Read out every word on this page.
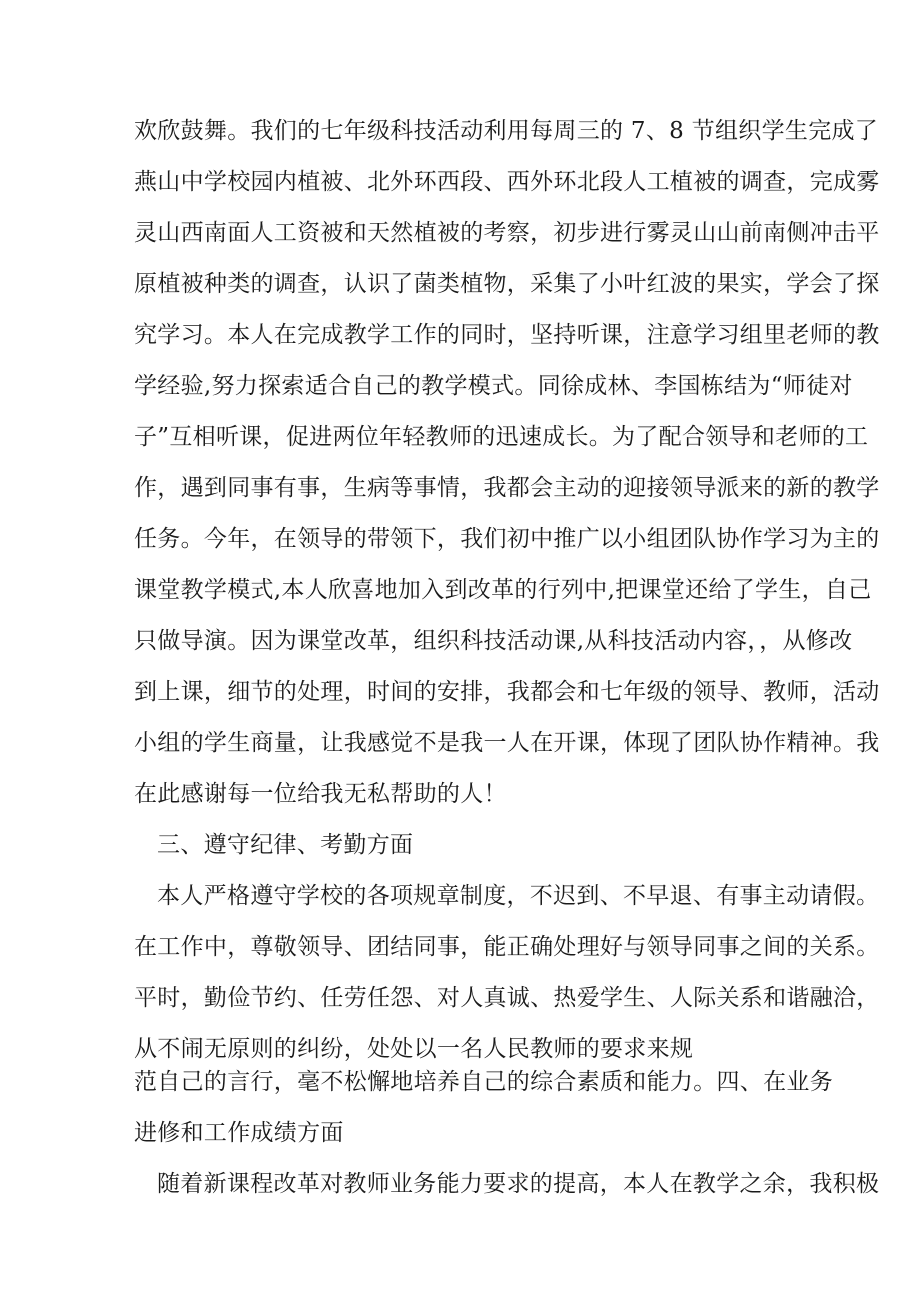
欢欣鼓舞。我们的七年级科技活动利用每周三的 7、8 节组织学生完成了
燕山中学校园内植被、北外环西段、西外环北段人工植被的调查，完成雾
灵山西南面人工资被和天然植被的考察，初步进行雾灵山山前南侧冲击平
原植被种类的调查，认识了菌类植物，采集了小叶红波的果实，学会了探
究学习。本人在完成教学工作的同时，坚持听课，注意学习组里老师的教
学经验,努力探索适合自己的教学模式。同徐成林、李国栋结为“师徒对
子”互相听课，促进两位年轻教师的迅速成长。为了配合领导和老师的工
作，遇到同事有事，生病等事情，我都会主动的迎接领导派来的新的教学
任务。今年，在领导的带领下，我们初中推广以小组团队协作学习为主的
课堂教学模式,本人欣喜地加入到改革的行列中,把课堂还给了学生，自己
只做导演。因为课堂改革，组织科技活动课,从科技活动内容，，从修改
到上课，细节的处理，时间的安排，我都会和七年级的领导、教师，活动
小组的学生商量，让我感觉不是我一人在开课，体现了团队协作精神。我
在此感谢每一位给我无私帮助的人！
三、遵守纪律、考勤方面
本人严格遵守学校的各项规章制度，不迟到、不早退、有事主动请假。
在工作中，尊敬领导、团结同事，能正确处理好与领导同事之间的关系。
平时，勤俭节约、任劳任怨、对人真诚、热爱学生、人际关系和谐融洽，
从不闹无原则的纠纷，处处以一名人民教师的要求来规
范自己的言行，毫不松懈地培养自己的综合素质和能力。四、在业务
进修和工作成绩方面
随着新课程改革对教师业务能力要求的提高，本人在教学之余，我积极
